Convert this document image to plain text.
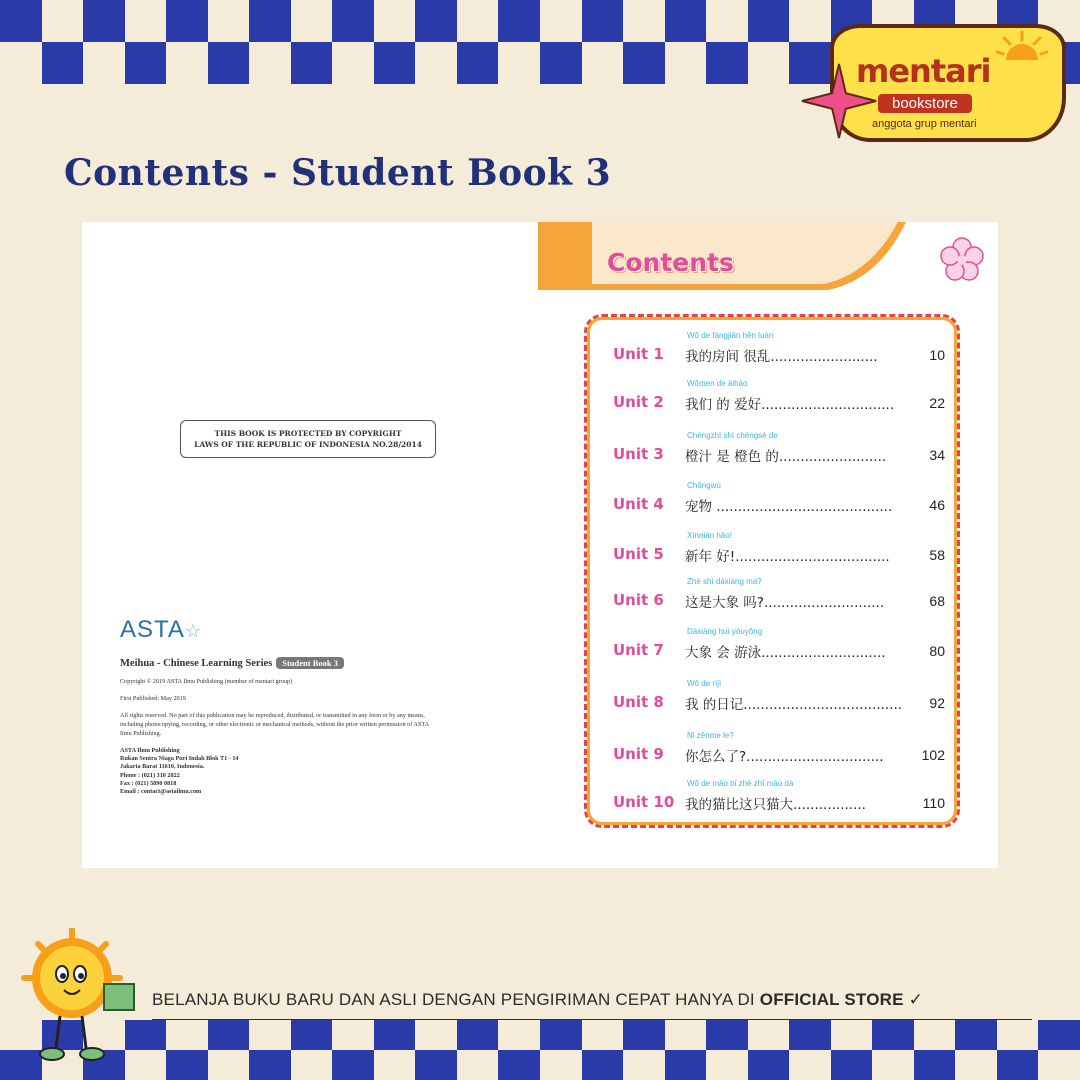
mentari
bookstore
anggota grup mentari
Contents - Student Book 3
THIS BOOK IS PROTECTED BY COPYRIGHT
LAWS OF THE REPUBLIC OF INDONESIA NO.28/2014
ASTA☆
Meihua - Chinese Learning Series Student Book 3
Copyright © 2019 ASTA Ilmu Publishing (member of mentari group)
First Published: May 2019
All rights reserved. No part of this publication may be reproduced, distributed, or transmitted in any form or by any means, including photocopying, recording, or other electronic or mechanical methods, without the prior written permission of ASTA Ilmu Publishing.
ASTA Ilmu Publishing
Rukan Sentra Niaga Puri Indah Blok T1 - 14
Jakarta Barat 11610, Indonesia.
Phone : (021) 310 2822
Fax : (021) 5890 0818
Email : contact@astailmu.com
Contents
Unit 1
Wǒ de fángjiān hěn luàn
我的房间 很乱.........................	10
Unit 2
Wǒmen de àihào
我们 的 爱好...............................	22
Unit 3
Chéngzhī shì chéngsè de
橙汁 是 橙色 的.........................	34
Unit 4
Chǒngwù
宠物 .........................................	46
Unit 5
Xīnnián hǎo!
新年 好!....................................	58
Unit 6
Zhè shì dàxiàng ma?
这是大象 吗?............................	68
Unit 7
Dàxiàng huì yóuyǒng
大象 会 游泳.............................	80
Unit 8
Wǒ de rìjì
我 的日记.....................................	92
Unit 9
Nǐ zěnme le?
你怎么了?................................	102
Unit 10
Wǒ de māo bǐ zhè zhī māo dà
我的猫比这只猫大.................	110
BELANJA BUKU BARU DAN ASLI DENGAN PENGIRIMAN CEPAT HANYA DI OFFICIAL STORE ✓
